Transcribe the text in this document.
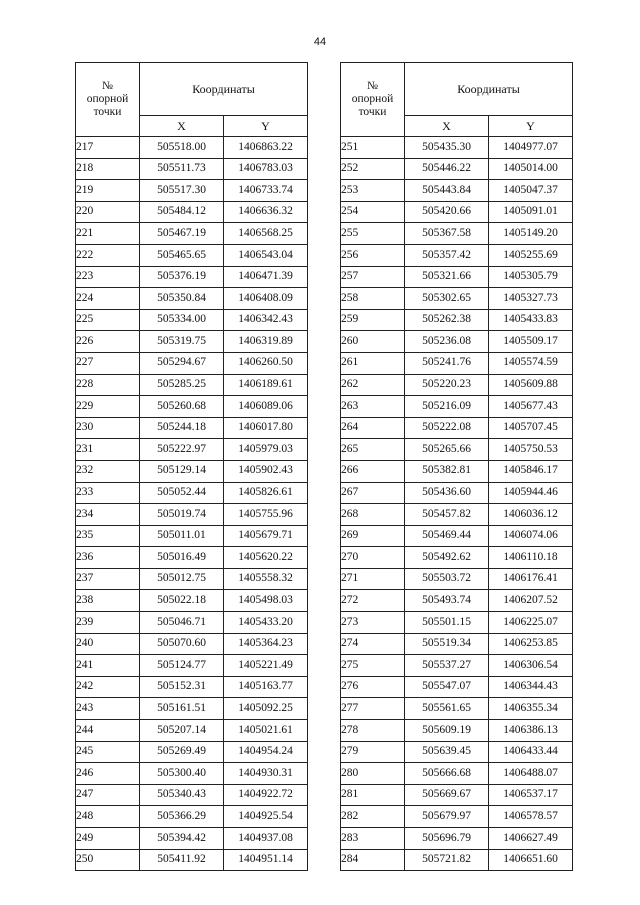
44
№
опорной
точки	Координаты	
	X	Y
217	505518.00	1406863.22
218	505511.73	1406783.03
219	505517.30	1406733.74
220	505484.12	1406636.32
221	505467.19	1406568.25
222	505465.65	1406543.04
223	505376.19	1406471.39
224	505350.84	1406408.09
225	505334.00	1406342.43
226	505319.75	1406319.89
227	505294.67	1406260.50
228	505285.25	1406189.61
229	505260.68	1406089.06
230	505244.18	1406017.80
231	505222.97	1405979.03
232	505129.14	1405902.43
233	505052.44	1405826.61
234	505019.74	1405755.96
235	505011.01	1405679.71
236	505016.49	1405620.22
237	505012.75	1405558.32
238	505022.18	1405498.03
239	505046.71	1405433.20
240	505070.60	1405364.23
241	505124.77	1405221.49
242	505152.31	1405163.77
243	505161.51	1405092.25
244	505207.14	1405021.61
245	505269.49	1404954.24
246	505300.40	1404930.31
247	505340.43	1404922.72
248	505366.29	1404925.54
249	505394.42	1404937.08
250	505411.92	1404951.14
№
опорной
точки	Координаты	
	X	Y
251	505435.30	1404977.07
252	505446.22	1405014.00
253	505443.84	1405047.37
254	505420.66	1405091.01
255	505367.58	1405149.20
256	505357.42	1405255.69
257	505321.66	1405305.79
258	505302.65	1405327.73
259	505262.38	1405433.83
260	505236.08	1405509.17
261	505241.76	1405574.59
262	505220.23	1405609.88
263	505216.09	1405677.43
264	505222.08	1405707.45
265	505265.66	1405750.53
266	505382.81	1405846.17
267	505436.60	1405944.46
268	505457.82	1406036.12
269	505469.44	1406074.06
270	505492.62	1406110.18
271	505503.72	1406176.41
272	505493.74	1406207.52
273	505501.15	1406225.07
274	505519.34	1406253.85
275	505537.27	1406306.54
276	505547.07	1406344.43
277	505561.65	1406355.34
278	505609.19	1406386.13
279	505639.45	1406433.44
280	505666.68	1406488.07
281	505669.67	1406537.17
282	505679.97	1406578.57
283	505696.79	1406627.49
284	505721.82	1406651.60
